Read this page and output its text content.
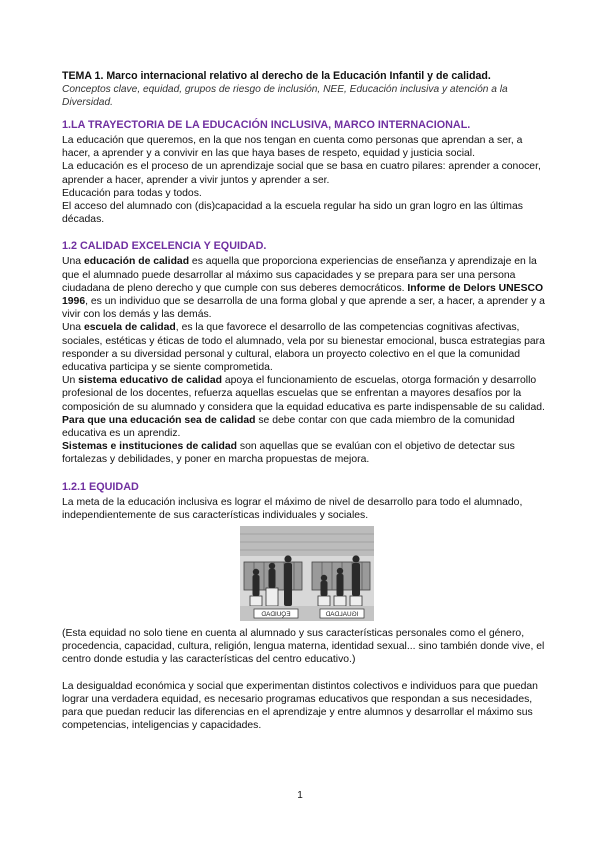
TEMA 1. Marco internacional relativo al derecho de la Educación Infantil y de calidad.

Conceptos clave, equidad, grupos de riesgo de inclusión, NEE, Educación inclusiva y atención a la Diversidad.

1.LA TRAYECTORIA DE LA EDUCACIÓN INCLUSIVA, MARCO INTERNACIONAL.

La educación que queremos, en la que nos tengan en cuenta como personas que aprendan a ser, a hacer, a aprender y a convivir en las que haya bases de respeto, equidad y justicia social.

La educación es el proceso de un aprendizaje social que se basa en cuatro pilares: aprender a conocer, aprender a hacer, aprender a vivir juntos y aprender a ser.

Educación para todas y todos.

El acceso del alumnado con (dis)capacidad a la escuela regular ha sido un gran logro en las últimas décadas.

1.2 CALIDAD EXCELENCIA Y EQUIDAD.

Una educación de calidad es aquella que proporciona experiencias de enseñanza y aprendizaje en la que el alumnado puede desarrollar al máximo sus capacidades y se prepara para ser una persona ciudadana de pleno derecho y que cumple con sus deberes democráticos. Informe de Delors UNESCO 1996, es un individuo que se desarrolla de una forma global y que aprende a ser, a hacer, a aprender y a vivir con los demás y las demás.

Una escuela de calidad, es la que favorece el desarrollo de las competencias cognitivas afectivas, sociales, estéticas y éticas de todo el alumnado, vela por su bienestar emocional, busca estrategias para responder a su diversidad personal y cultural, elabora un proyecto colectivo en el que la comunidad educativa participa y se siente comprometida.

Un sistema educativo de calidad apoya el funcionamiento de escuelas, otorga formación y desarrollo profesional de los docentes, refuerza aquellas escuelas que se enfrentan a mayores desafíos por la composición de su alumnado y considera que la equidad educativa es parte indispensable de su calidad. Para que una educación sea de calidad se debe contar con que cada miembro de la comunidad educativa es un aprendiz.

Sistemas e instituciones de calidad son aquellas que se evalúan con el objetivo de detectar sus fortalezas y debilidades, y poner en marcha propuestas de mejora.

1.2.1 EQUIDAD

La meta de la educación inclusiva es lograr el máximo de nivel de desarrollo para todo el alumnado, independientemente de sus características individuales y sociales.

EQUIDAD	IGUALDAD

(Esta equidad no solo tiene en cuenta al alumnado y sus características personales como el género, procedencia, capacidad, cultura, religión, lengua materna, identidad sexual... sino también donde vive, el centro donde estudia y las características del centro educativo.)

La desigualdad económica y social que experimentan distintos colectivos e individuos para que puedan lograr una verdadera equidad, es necesario programas educativos que respondan a sus necesidades, para que puedan reducir las diferencias en el aprendizaje y entre alumnos y desarrollar el máximo sus competencias, inteligencias y capacidades.

1
